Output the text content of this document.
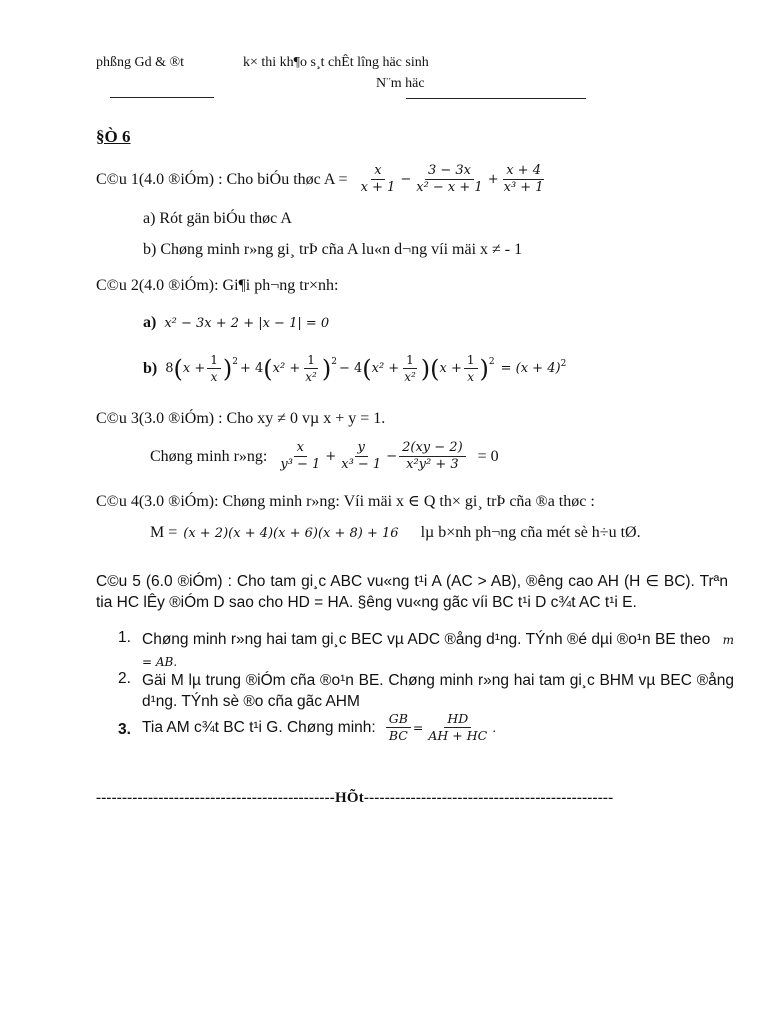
phßng Gd & ®t	k× thi kh¶o s¸t chÊt lîng häc sinh
N¨m häc
§Ò 6
C©u 1(4.0 ®iÓm) : Cho biÓu thøc $A = \frac{x}{x + 1} - \frac{3 - 3x}{\text{x² − x + 1}} + \frac{x + 4}{\text{x³ + 1}}$
a) Rót gän biÓu thøc A
b) Chøng minh r»ng gi¸ trÞ cña A lu«n d¬ng víi mäi x ≠ - 1
C©u 2(4.0 ®iÓm): Gi¶i ph¬ng tr×nh:
a) x² − 3x + 2 + |x − 1| = 0
b) 8 ( $x + \frac{1}{x}$ ) 2 + 4 ( $x^2 + \frac{1}{\text{x²}}$ ) 2 − 4 ( $x^2 + \frac{1}{\text{x²}}$ ) ( $x + \frac{1}{x}$ ) 2 = (x + 4) 2
C©u 3(3.0 ®iÓm) : Cho xy ≠ 0 vµ x + y = 1.
Chøng minh r»ng: $\frac{x}{\text{y³ − 1}} + \frac{y}{\text{x³ − 1}} - \frac{2(xy - 2)}{\text{x²y² + 3}} = 0$
C©u 4(3.0 ®iÓm): Chøng minh r»ng: Víi mäi x ∈ Q th× gi¸ trÞ cña ®a thøc :
M = (x + 2)(x + 4)(x + 6)(x + 8) + 16 lµ b×nh ph¬ng cña mét sè h÷u tØ.
C©u 5 (6.0 ®iÓm) : Cho tam gi¸c ABC vu«ng t¹i A (AC > AB), ®êng cao AH (H ∈ BC). Trªn tia HC lÊy ®iÓm D sao cho HD = HA. §êng vu«ng gãc víi BC t¹i D c¾t AC t¹i E.
1. Chøng minh r»ng hai tam gi¸c BEC vµ ADC ®ång d¹ng. TÝnh ®é dµi ®o¹n BE theo m = AB.
2. Gäi M lµ trung ®iÓm cña ®o¹n BE. Chøng minh r»ng hai tam gi¸c BHM vµ BEC ®ång d¹ng. TÝnh sè ®o cña gãc AHM
3. Tia AM c¾t BC t¹i G. Chøng minh: $\frac{GB}{BC} = \frac{HD}{AH + HC}$ .
----------------------------------------------HÕt------------------------------------------------
